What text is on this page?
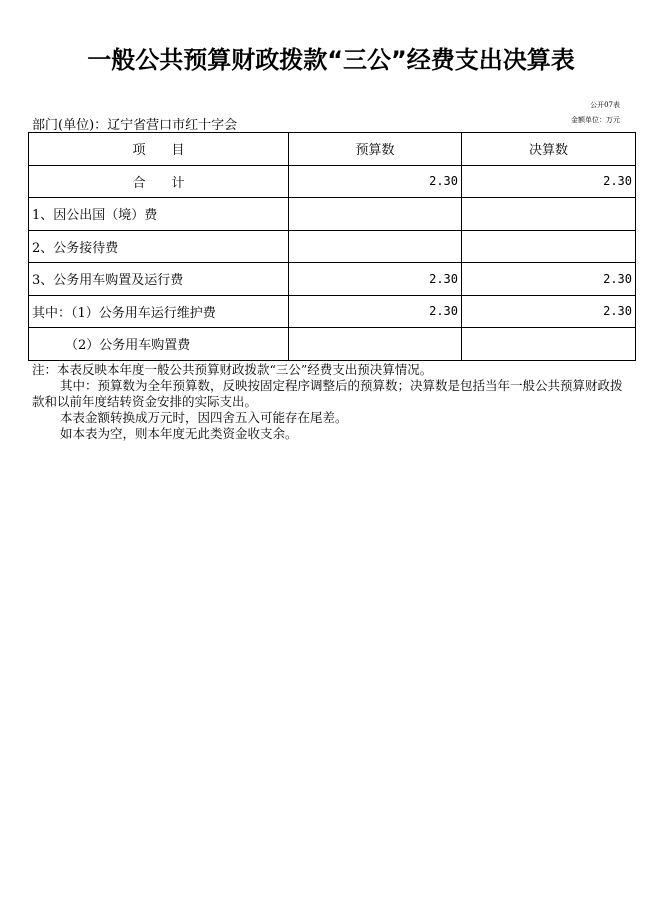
一般公共预算财政拨款“三公”经费支出决算表
公开07表
金额单位：万元
部门(单位)：辽宁省营口市红十字会
项　　目	预算数	决算数
合　　计	2.30	2.30
1、因公出国（境）费		
2、公务接待费		
3、公务用车购置及运行费	2.30	2.30
其中：（1）公务用车运行维护费	2.30	2.30
（2）公务用车购置费		

注：本表反映本年度一般公共预算财政拨款“三公”经费支出预决算情况。

其中：预算数为全年预算数，反映按固定程序调整后的预算数；决算数是包括当年一般公共预算财政拨款和以前年度结转资金安排的实际支出。

本表金额转换成万元时，因四舍五入可能存在尾差。

如本表为空，则本年度无此类资金收支余。
